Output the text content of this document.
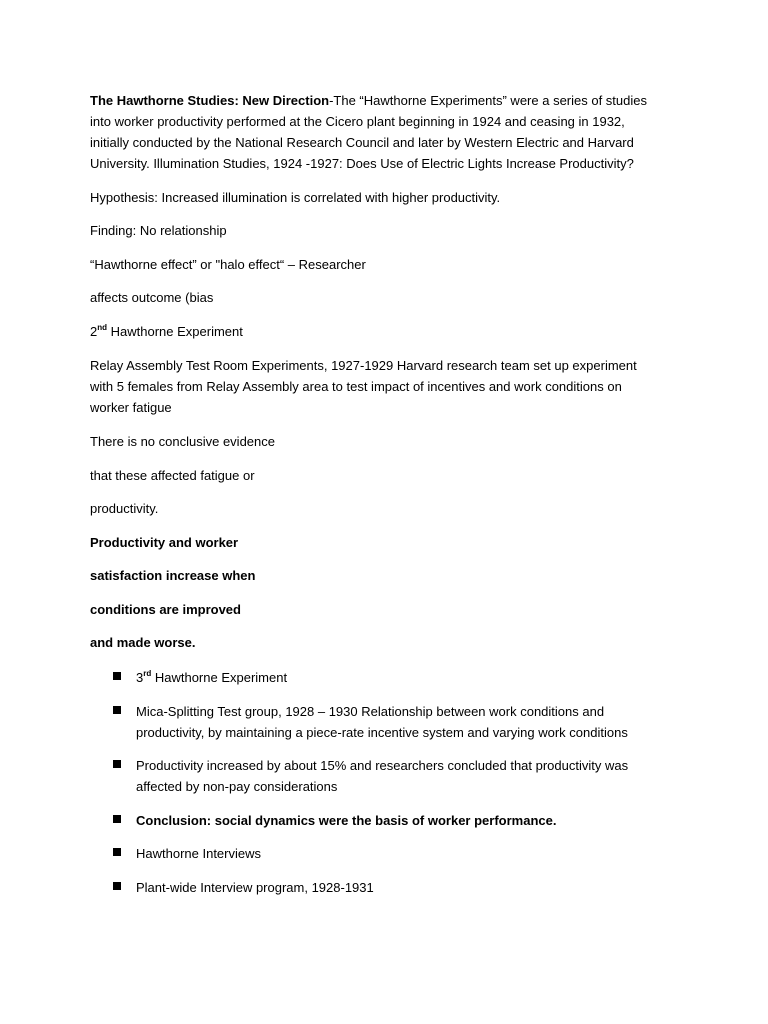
The Hawthorne Studies: New Direction-The “Hawthorne Experiments” were a series of studies
into worker productivity performed at the Cicero plant beginning in 1924 and ceasing in 1932,
initially conducted by the National Research Council and later by Western Electric and Harvard
University. Illumination Studies, 1924 -1927: Does Use of Electric Lights Increase Productivity?
Hypothesis: Increased illumination is correlated with higher productivity.
Finding: No relationship
“Hawthorne effect” or "halo effect“ – Researcher
affects outcome (bias
2nd Hawthorne Experiment
Relay Assembly Test Room Experiments, 1927-1929 Harvard research team set up experiment
with 5 females from Relay Assembly area to test impact of incentives and work conditions on
worker fatigue
There is no conclusive evidence
that these affected fatigue or
productivity.
Productivity and worker
satisfaction increase when
conditions are improved
and made worse.
3rd Hawthorne Experiment
Mica-Splitting Test group, 1928 – 1930 Relationship between work conditions and
productivity, by maintaining a piece-rate incentive system and varying work conditions
Productivity increased by about 15% and researchers concluded that productivity was
affected by non-pay considerations
Conclusion: social dynamics were the basis of worker performance.
Hawthorne Interviews
Plant-wide Interview program, 1928-1931
